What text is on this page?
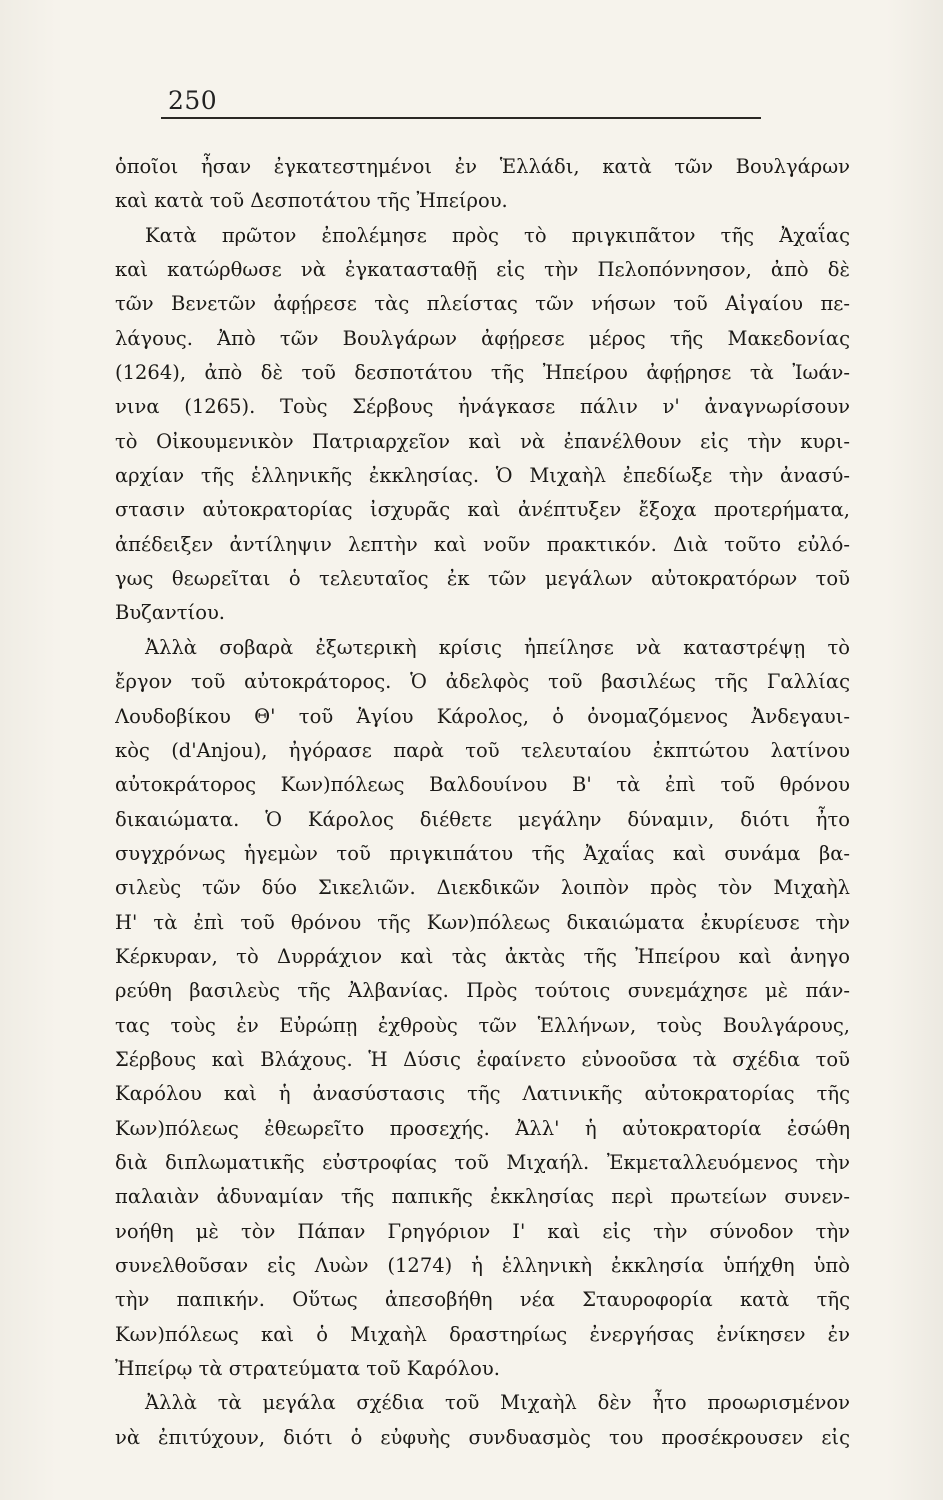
250
ὁποῖοι ἦσαν ἐγκατεστημένοι ἐν Ἑλλάδι, κατὰ τῶν Βουλγάρων
καὶ κατὰ τοῦ Δεσποτάτου τῆς Ἠπείρου.
Κατὰ πρῶτον ἐπολέμησε πρὸς τὸ πριγκιπᾶτον τῆς Ἀχαΐας
καὶ κατώρθωσε νὰ ἐγκατασταθῇ εἰς τὴν Πελοπόννησον, ἀπὸ δὲ
τῶν Βενετῶν ἀφῄρεσε τὰς πλείστας τῶν νήσων τοῦ Αἰγαίου πε-
λάγους. Ἀπὸ τῶν Βουλγάρων ἀφῄρεσε μέρος τῆς Μακεδονίας
(1264), ἀπὸ δὲ τοῦ δεσποτάτου τῆς Ἠπείρου ἀφῄρησε τὰ Ἰωάν-
νινα (1265). Τοὺς Σέρβους ἠνάγκασε πάλιν ν' ἀναγνωρίσουν
τὸ Οἰκουμενικὸν Πατριαρχεῖον καὶ νὰ ἐπανέλθουν εἰς τὴν κυρι-
αρχίαν τῆς ἑλληνικῆς ἐκκλησίας. Ὁ Μιχαὴλ ἐπεδίωξε τὴν ἀνασύ-
στασιν αὐτοκρατορίας ἰσχυρᾶς καὶ ἀνέπτυξεν ἔξοχα προτερήματα,
ἀπέδειξεν ἀντίληψιν λεπτὴν καὶ νοῦν πρακτικόν. Διὰ τοῦτο εὐλό-
γως θεωρεῖται ὁ τελευταῖος ἐκ τῶν μεγάλων αὐτοκρατόρων τοῦ
Βυζαντίου.
Ἀλλὰ σοβαρὰ ἐξωτερικὴ κρίσις ἠπείλησε νὰ καταστρέψῃ τὸ
ἔργον τοῦ αὐτοκράτορος. Ὁ ἀδελφὸς τοῦ βασιλέως τῆς Γαλλίας
Λουδοβίκου Θ' τοῦ Ἁγίου Κάρολος, ὁ ὀνομαζόμενος Ἀνδεγαυι-
κὸς (d'Anjou), ἠγόρασε παρὰ τοῦ τελευταίου ἐκπτώτου λατίνου
αὐτοκράτορος Κων)πόλεως Βαλδουίνου Β' τὰ ἐπὶ τοῦ θρόνου
δικαιώματα. Ὁ Κάρολος διέθετε μεγάλην δύναμιν, διότι ἦτο
συγχρόνως ἡγεμὼν τοῦ πριγκιπάτου τῆς Ἀχαΐας καὶ συνάμα βα-
σιλεὺς τῶν δύο Σικελιῶν. Διεκδικῶν λοιπὸν πρὸς τὸν Μιχαὴλ
Η' τὰ ἐπὶ τοῦ θρόνου τῆς Κων)πόλεως δικαιώματα ἐκυρίευσε τὴν
Κέρκυραν, τὸ Δυρράχιον καὶ τὰς ἀκτὰς τῆς Ἠπείρου καὶ ἀνηγο
ρεύθη βασιλεὺς τῆς Ἀλβανίας. Πρὸς τούτοις συνεμάχησε μὲ πάν-
τας τοὺς ἐν Εὐρώπῃ ἐχθροὺς τῶν Ἑλλήνων, τοὺς Βουλγάρους,
Σέρβους καὶ Βλάχους. Ἡ Δύσις ἐφαίνετο εὐνοοῦσα τὰ σχέδια τοῦ
Καρόλου καὶ ἡ ἀνασύστασις τῆς Λατινικῆς αὐτοκρατορίας τῆς
Κων)πόλεως ἐθεωρεῖτο προσεχής. Ἀλλ' ἡ αὐτοκρατορία ἐσώθη
διὰ διπλωματικῆς εὐστροφίας τοῦ Μιχαήλ. Ἐκμεταλλευόμενος τὴν
παλαιὰν ἀδυναμίαν τῆς παπικῆς ἐκκλησίας περὶ πρωτείων συνεν-
νοήθη μὲ τὸν Πάπαν Γρηγόριον Ι' καὶ εἰς τὴν σύνοδον τὴν
συνελθοῦσαν εἰς Λυὼν (1274) ἡ ἑλληνικὴ ἐκκλησία ὑπήχθη ὑπὸ
τὴν παπικήν. Οὕτως ἀπεσοβήθη νέα Σταυροφορία κατὰ τῆς
Κων)πόλεως καὶ ὁ Μιχαὴλ δραστηρίως ἐνεργήσας ἐνίκησεν ἐν
Ἠπείρῳ τὰ στρατεύματα τοῦ Καρόλου.
Ἀλλὰ τὰ μεγάλα σχέδια τοῦ Μιχαὴλ δὲν ἦτο προωρισμένον
νὰ ἐπιτύχουν, διότι ὁ εὐφυὴς συνδυασμὸς του προσέκρουσεν εἰς
